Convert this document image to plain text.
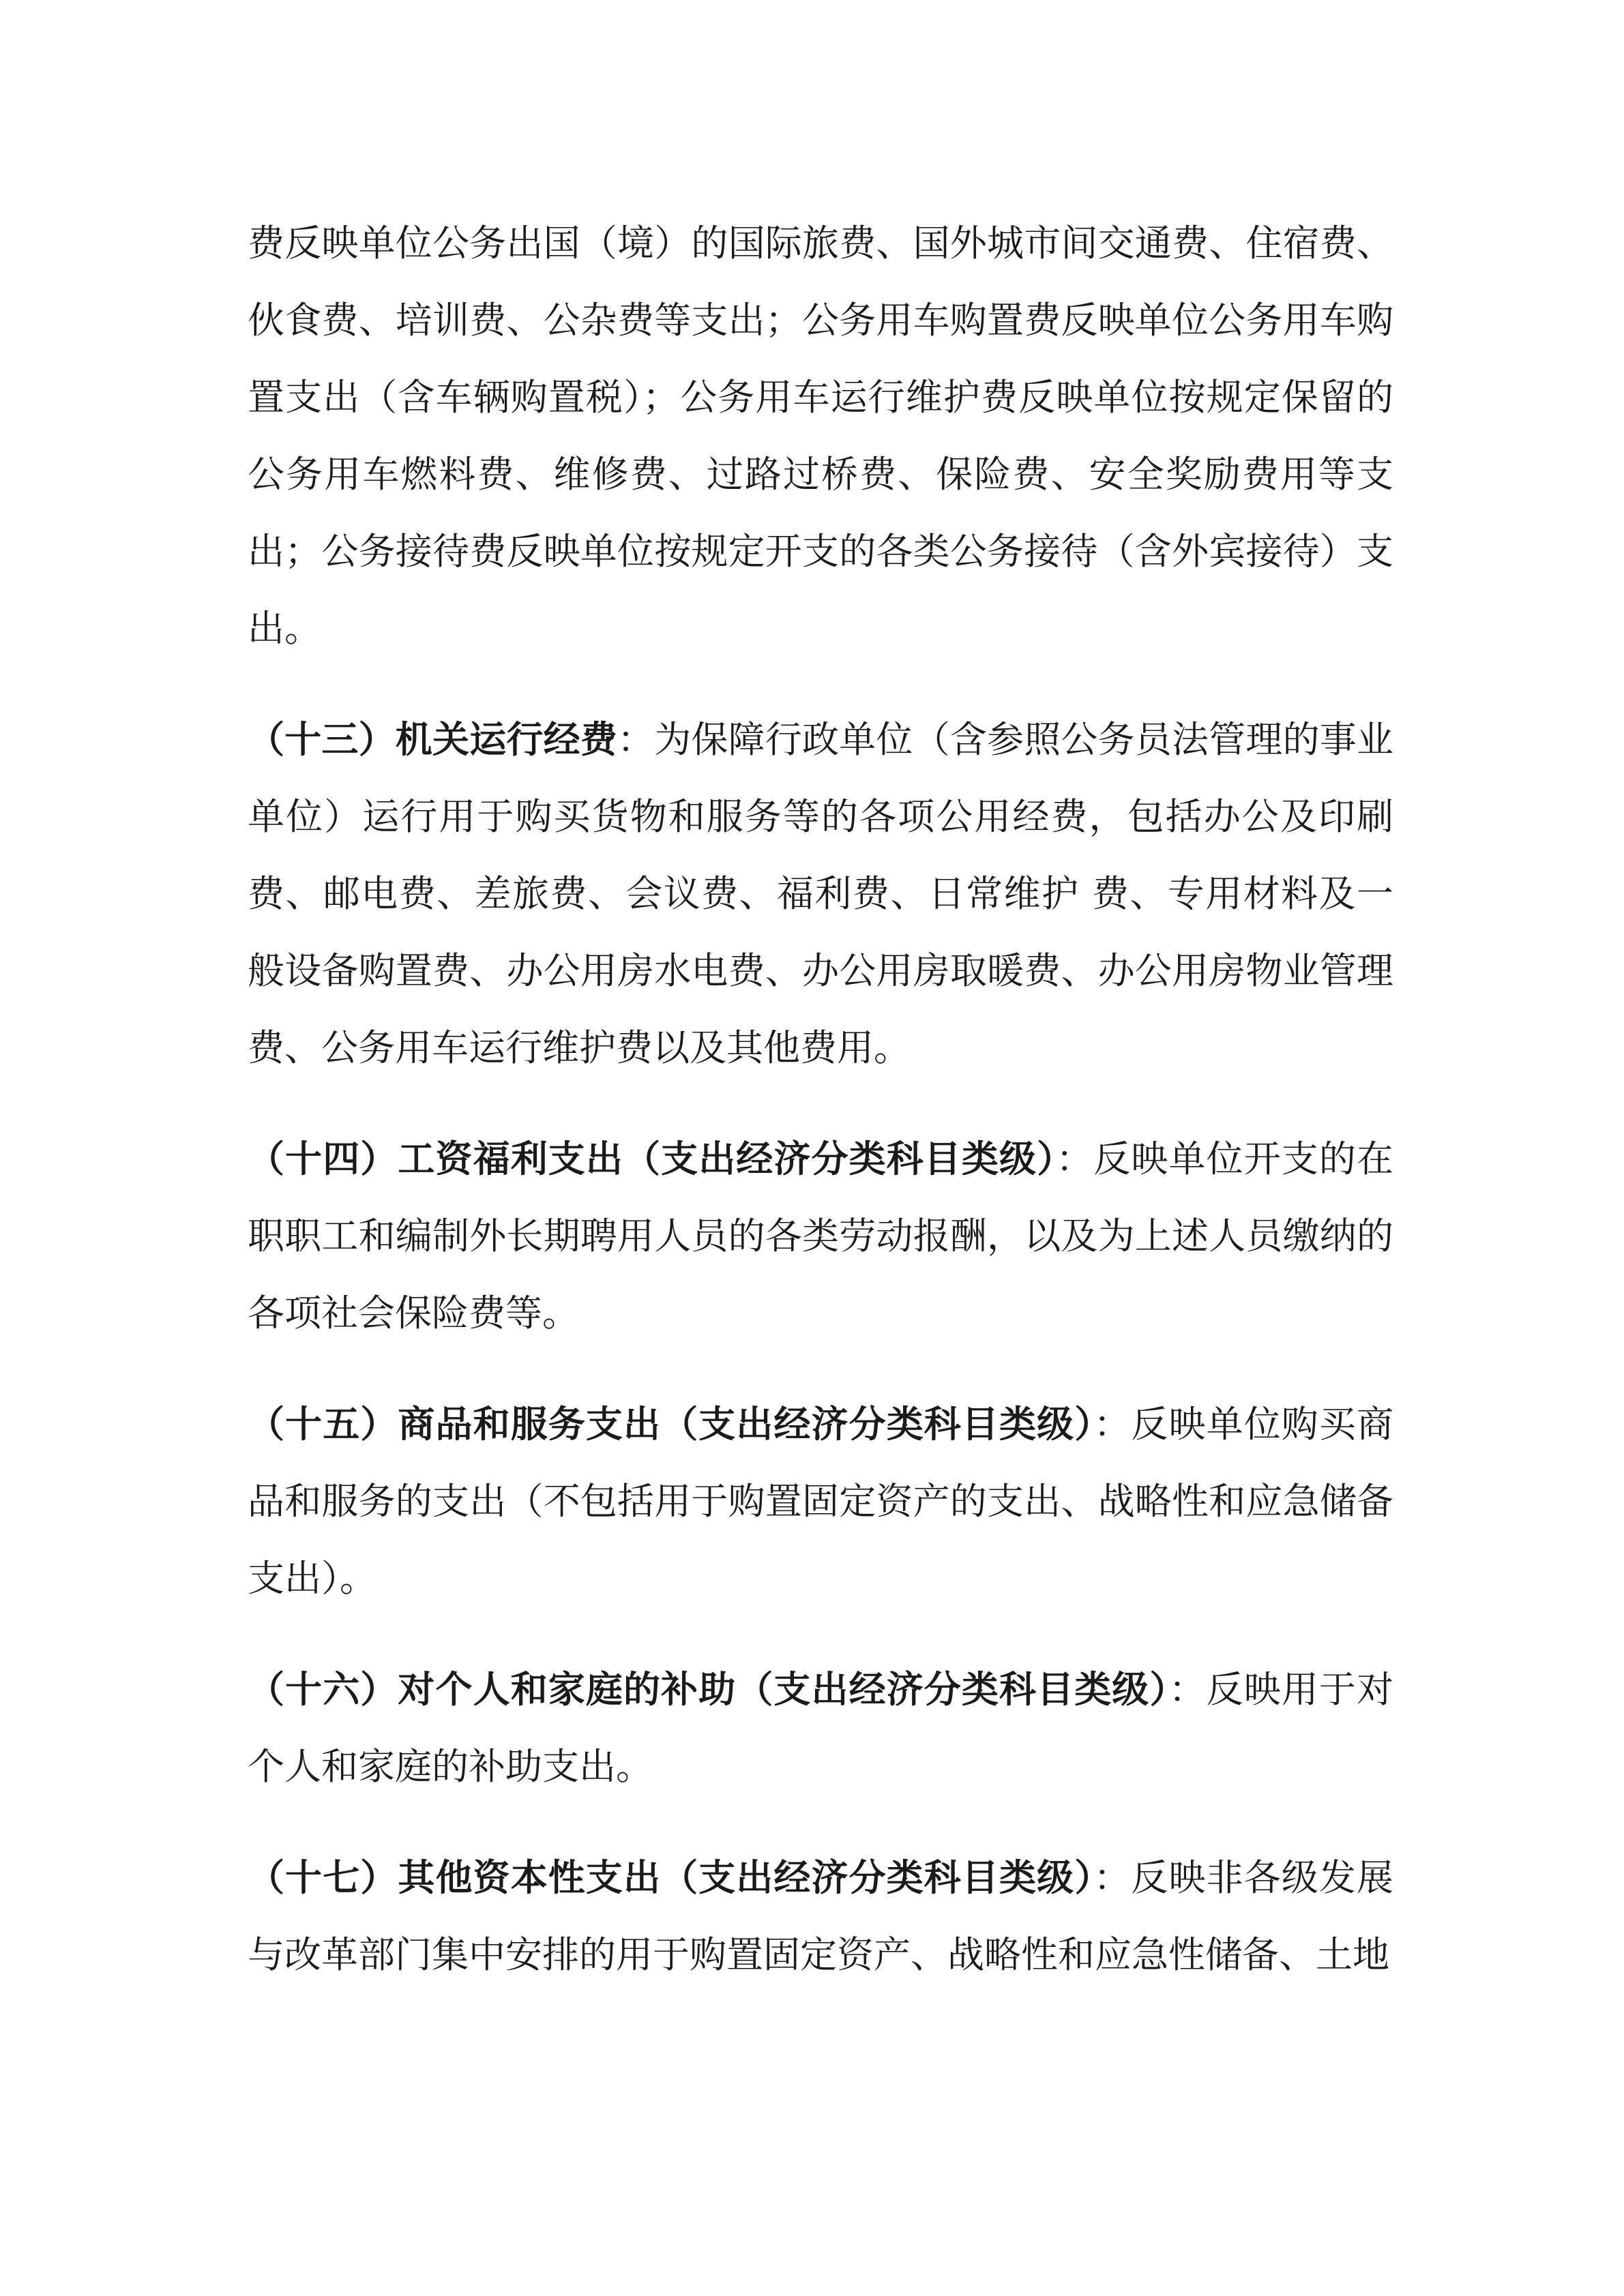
费反映单位公务出国（境）的国际旅费、国外城市间交通费、住宿费、伙食费、培训费、公杂费等支出；公务用车购置费反映单位公务用车购置支出（含车辆购置税）；公务用车运行维护费反映单位按规定保留的公务用车燃料费、维修费、过路过桥费、保险费、安全奖励费用等支出；公务接待费反映单位按规定开支的各类公务接待（含外宾接待）支出。

（十三）机关运行经费：为保障行政单位（含参照公务员法管理的事业单位）运行用于购买货物和服务等的各项公用经费，包括办公及印刷费、邮电费、差旅费、会议费、福利费、日常维护 费、专用材料及一般设备购置费、办公用房水电费、办公用房取暖费、办公用房物业管理费、公务用车运行维护费以及其他费用。

（十四）工资福利支出（支出经济分类科目类级）：反映单位开支的在职职工和编制外长期聘用人员的各类劳动报酬，以及为上述人员缴纳的各项社会保险费等。

（十五）商品和服务支出（支出经济分类科目类级）：反映单位购买商品和服务的支出（不包括用于购置固定资产的支出、战略性和应急储备支出）。

（十六）对个人和家庭的补助（支出经济分类科目类级）：反映用于对个人和家庭的补助支出。

（十七）其他资本性支出（支出经济分类科目类级）：反映非各级发展与改革部门集中安排的用于购置固定资产、战略性和应急性储备、土地
